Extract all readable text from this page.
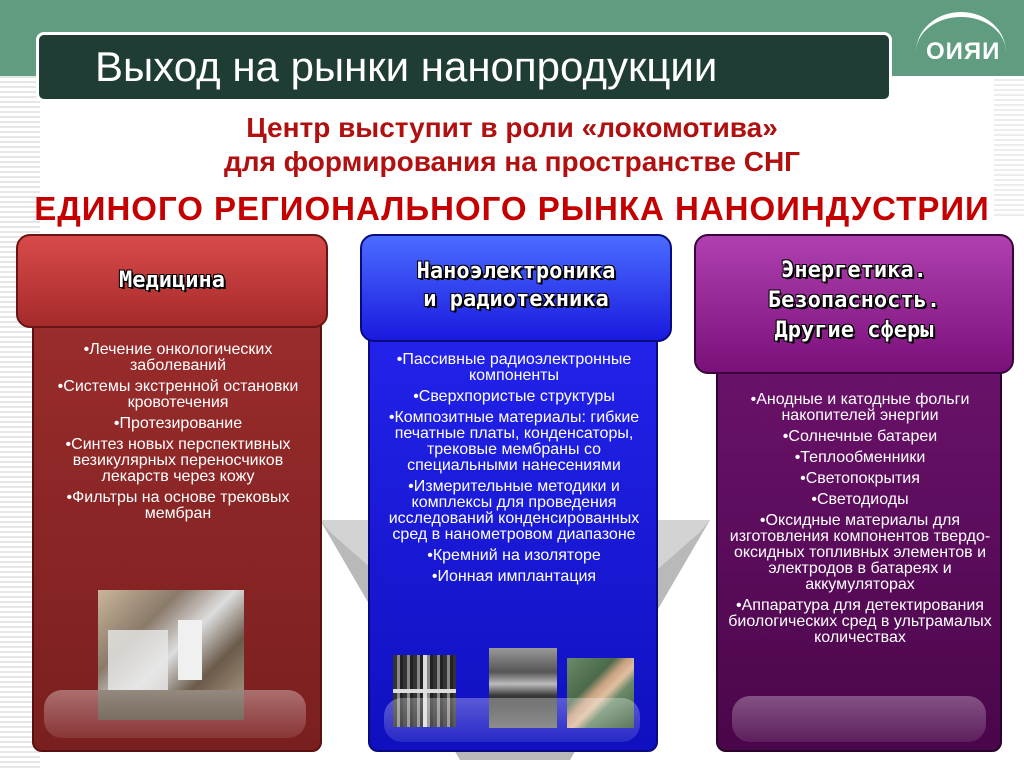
Выход на рынки нанопродукции	ОИЯИ
Центр выступит в роли «локомотива»
для формирования на пространстве СНГ
ЕДИНОГО РЕГИОНАЛЬНОГО РЫНКА НАНОИНДУСТРИИ
Медицина
• Лечение онкологических заболеваний
• Системы экстренной остановки кровотечения
• Протезирование
• Синтез новых перспективных везикулярных переносчиков лекарств через кожу
• Фильтры на основе трековых мембран
Наноэлектроника
и радиотехника
• Пассивные радиоэлектронные компоненты
• Сверхпористые структуры
• Композитные материалы: гибкие печатные платы, конденсаторы, трековые мембраны со специальными нанесениями
• Измерительные методики и комплексы для проведения исследований конденсированных сред в нанометровом диапазоне
• Кремний на изоляторе
• Ионная имплантация
Энергетика.
Безопасность.
Другие сферы
• Анодные и катодные фольги накопителей энергии
• Солнечные батареи
• Теплообменники
• Светопокрытия
• Светодиоды
• Оксидные материалы для изготовления компонентов твердо-оксидных топливных элементов и электродов в батареях и аккумуляторах
• Аппаратура для детектирования биологических сред в ультрамалых количествах
